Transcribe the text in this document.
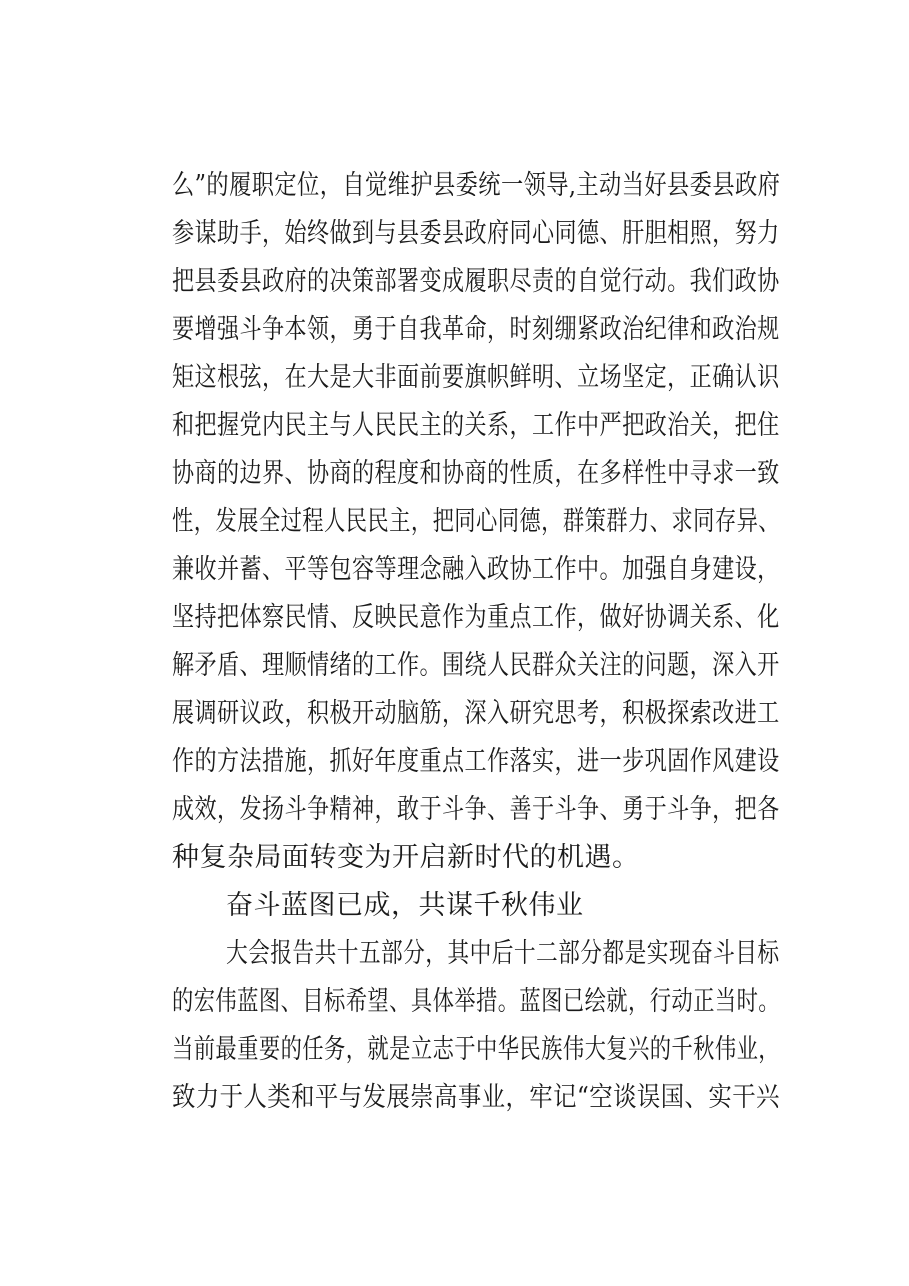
么”的履职定位，自觉维护县委统一领导,主动当好县委县政府
参谋助手，始终做到与县委县政府同心同德、肝胆相照，努力
把县委县政府的决策部署变成履职尽责的自觉行动。我们政协
要增强斗争本领，勇于自我革命，时刻绷紧政治纪律和政治规
矩这根弦，在大是大非面前要旗帜鲜明、立场坚定，正确认识
和把握党内民主与人民民主的关系，工作中严把政治关，把住
协商的边界、协商的程度和协商的性质，在多样性中寻求一致
性，发展全过程人民民主，把同心同德，群策群力、求同存异、
兼收并蓄、平等包容等理念融入政协工作中。加强自身建设，
坚持把体察民情、反映民意作为重点工作，做好协调关系、化
解矛盾、理顺情绪的工作。围绕人民群众关注的问题，深入开
展调研议政，积极开动脑筋，深入研究思考，积极探索改进工
作的方法措施，抓好年度重点工作落实，进一步巩固作风建设
成效，发扬斗争精神，敢于斗争、善于斗争、勇于斗争，把各
种复杂局面转变为开启新时代的机遇。
奋斗蓝图已成，共谋千秋伟业
大会报告共十五部分，其中后十二部分都是实现奋斗目标
的宏伟蓝图、目标希望、具体举措。蓝图已绘就，行动正当时。
当前最重要的任务，就是立志于中华民族伟大复兴的千秋伟业，
致力于人类和平与发展崇高事业，牢记“空谈误国、实干兴
